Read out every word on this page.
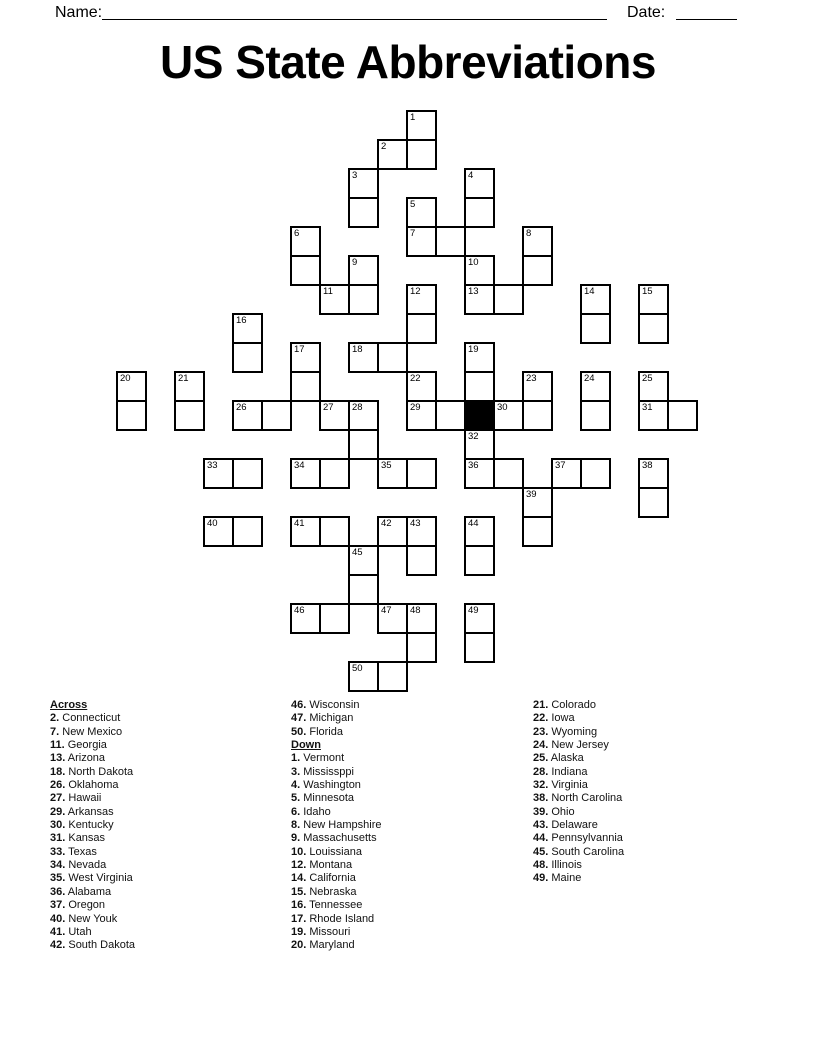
Name:	Date:
US State Abbreviations
1
2
3	4
5
6	7	8
9	10
11	12	13	14	15
16
17	18	19
20	21	22	23	24	25
26	27 28	29	30	31
32
33	34	35	36	37	38
39
40	41	42 43	44
45
46	47 48	49
50
Across
2. Connecticut
7. New Mexico
11. Georgia
13. Arizona
18. North Dakota
26. Oklahoma
27. Hawaii
29. Arkansas
30. Kentucky
31. Kansas
33. Texas
34. Nevada
35. West Virginia
36. Alabama
37. Oregon
40. New Youk
41. Utah
42. South Dakota
46. Wisconsin
47. Michigan
50. Florida
Down
1. Vermont
3. Mississppi
4. Washington
5. Minnesota
6. Idaho
8. New Hampshire
9. Massachusetts
10. Louissiana
12. Montana
14. California
15. Nebraska
16. Tennessee
17. Rhode Island
19. Missouri
20. Maryland
21. Colorado
22. Iowa
23. Wyoming
24. New Jersey
25. Alaska
28. Indiana
32. Virginia
38. North Carolina
39. Ohio
43. Delaware
44. Pennsylvannia
45. South Carolina
48. Illinois
49. Maine
